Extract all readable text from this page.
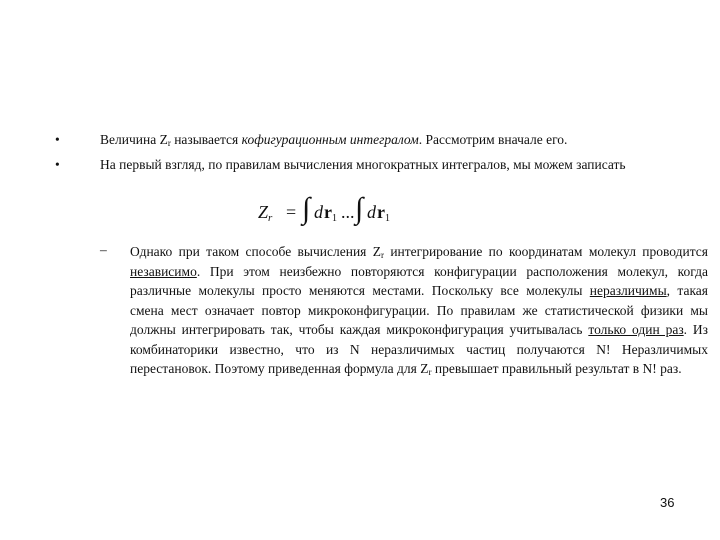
•	Величина $Z_r$ называется кофигурационным интегралом. Рассмотрим вначале его.
•	На первый взгляд, по правилам вычисления многократных интегралов, мы можем записать
$Z_r$ = ∫ d $r_1$ ... ∫ d $r_1$
– Однако при таком способе вычисления $Z_r$ интегрирование по координатам молекул проводится независимо. При этом неизбежно повторяются конфигурации расположения молекул, когда различные молекулы просто меняются местами. Поскольку все молекулы неразличимы, такая смена мест означает повтор микроконфигурации. По правилам же статистической физики мы должны интегрировать так, чтобы каждая микроконфигурация учитывалась только один раз. Из комбинаторики известно, что из N неразличимых частиц получаются N! Неразличимых перестановок. Поэтому приведенная формула для $Z_r$ превышает правильный результат в N! раз.
36
